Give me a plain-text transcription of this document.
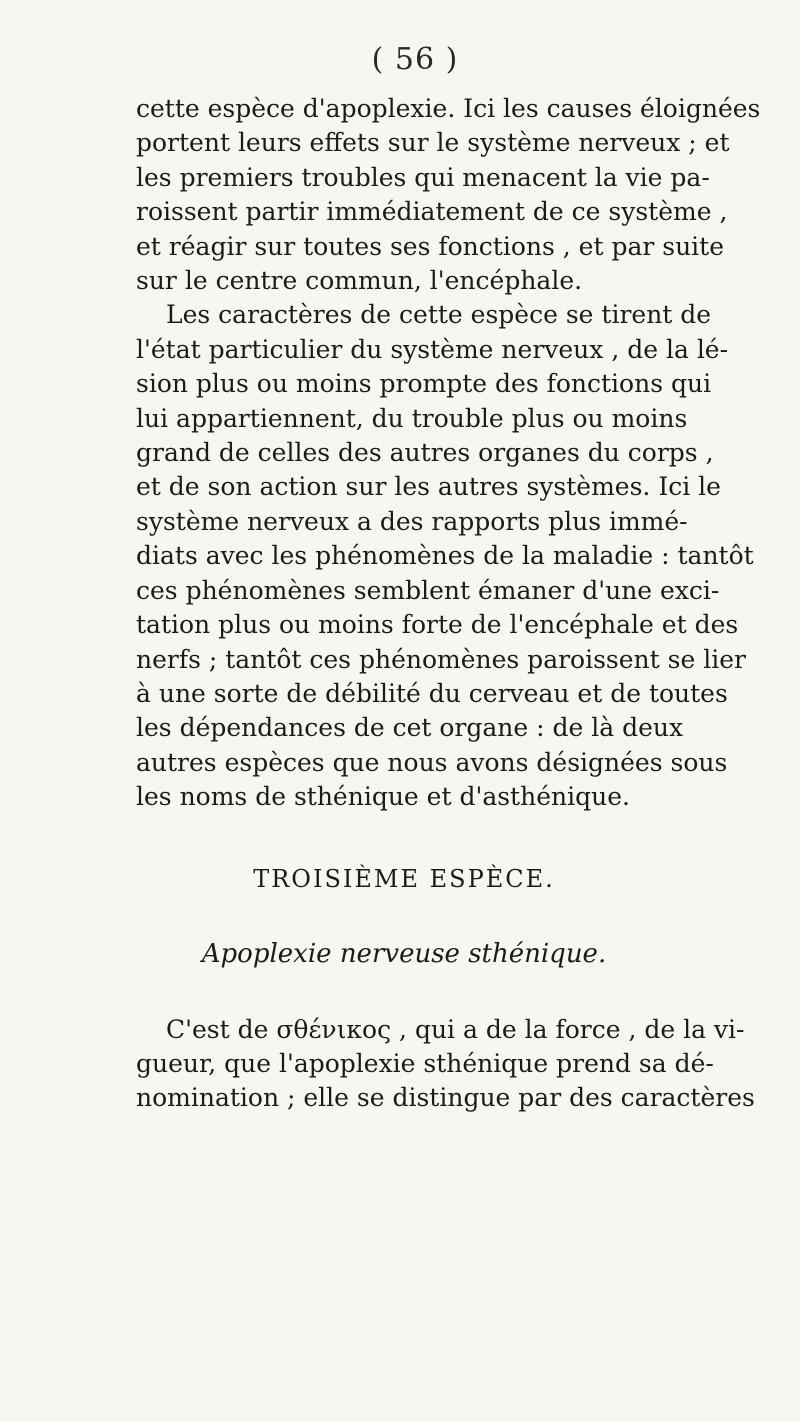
( 56 )
cette espèce d'apoplexie. Ici les causes éloignées
portent leurs effets sur le système nerveux ; et
les premiers troubles qui menacent la vie pa-
roissent partir immédiatement de ce système ,
et réagir sur toutes ses fonctions , et par suite
sur le centre commun, l'encéphale.
Les caractères de cette espèce se tirent de
l'état particulier du système nerveux , de la lé-
sion plus ou moins prompte des fonctions qui
lui appartiennent, du trouble plus ou moins
grand de celles des autres organes du corps ,
et de son action sur les autres systèmes. Ici le
système nerveux a des rapports plus immé-
diats avec les phénomènes de la maladie : tantôt
ces phénomènes semblent émaner d'une exci-
tation plus ou moins forte de l'encéphale et des
nerfs ; tantôt ces phénomènes paroissent se lier
à une sorte de débilité du cerveau et de toutes
les dépendances de cet organe : de là deux
autres espèces que nous avons désignées sous
les noms de sthénique et d'asthénique.
TROISIÈME ESPÈCE.
Apoplexie nerveuse sthénique.
C'est de σθένικος , qui a de la force , de la vi-
gueur, que l'apoplexie sthénique prend sa dé-
nomination ; elle se distingue par des caractères
